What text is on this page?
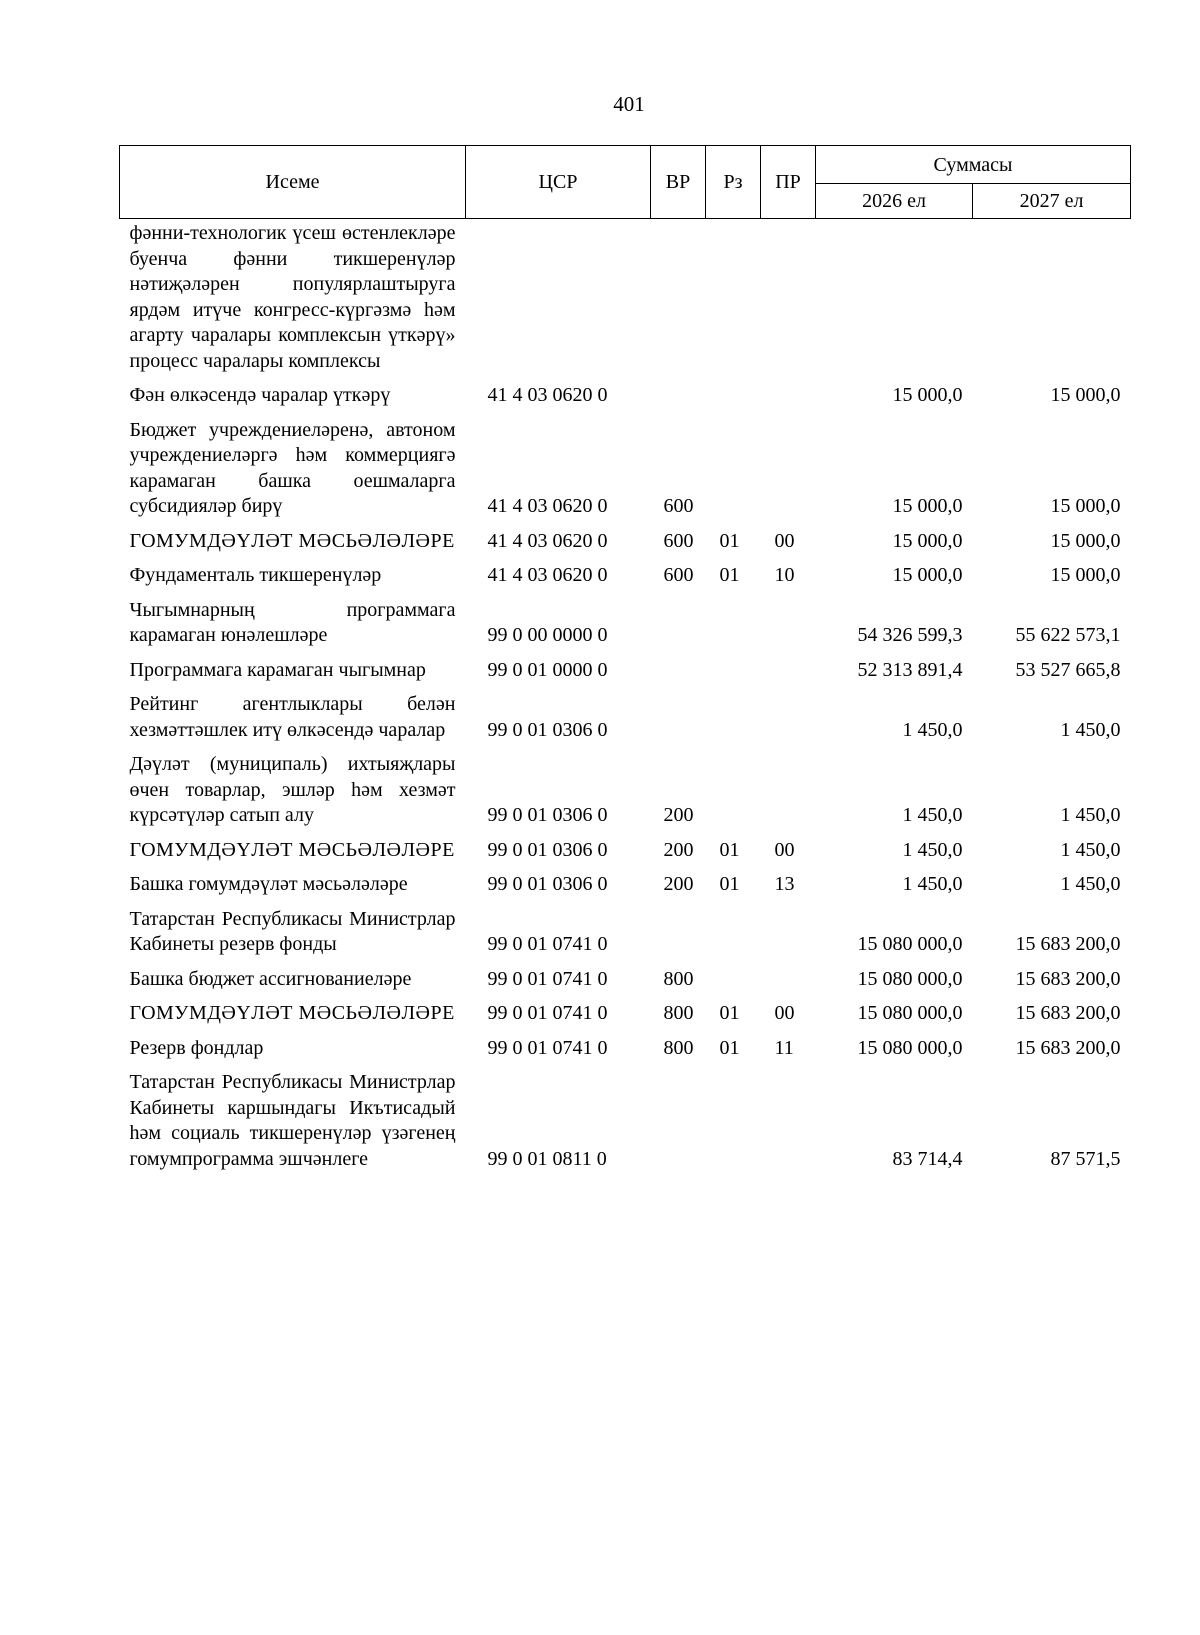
401
Исеме	ЦСР	ВР	Рз	ПР	Суммасы	
					2026 ел	2027 ел
фәнни-технологик үсеш өстенлекләре буенча фәнни тикшеренүләр нәтиҗәләрен популярлаштыруга ярдәм итүче конгресс-күргәзмә һәм агарту чаралары комплексын үткәрү» процесс чаралары комплексы						
Фән өлкәсендә чаралар үткәрү	41 4 03 0620 0				15 000,0	15 000,0
Бюджет учреждениеләренә, автоном учреждениеләргә һәм коммерциягә карамаган башка оешмаларга субсидияләр бирү	41 4 03 0620 0	600			15 000,0	15 000,0
ГОМУМДӘҮЛӘТ МӘСЬӘЛӘЛӘРЕ	41 4 03 0620 0	600	01	00	15 000,0	15 000,0
Фундаменталь тикшеренүләр	41 4 03 0620 0	600	01	10	15 000,0	15 000,0
Чыгымнарның программага карамаган юнәлешләре	99 0 00 0000 0				54 326 599,3	55 622 573,1
Программага карамаган чыгымнар	99 0 01 0000 0				52 313 891,4	53 527 665,8
Рейтинг агентлыклары белән хезмәттәшлек итү өлкәсендә чаралар	99 0 01 0306 0				1 450,0	1 450,0
Дәүләт (муниципаль) ихтыяҗлары өчен товарлар, эшләр һәм хезмәт күрсәтүләр сатып алу	99 0 01 0306 0	200			1 450,0	1 450,0
ГОМУМДӘҮЛӘТ МӘСЬӘЛӘЛӘРЕ	99 0 01 0306 0	200	01	00	1 450,0	1 450,0
Башка гомумдәүләт мәсьәләләре	99 0 01 0306 0	200	01	13	1 450,0	1 450,0
Татарстан Республикасы Министрлар Кабинеты резерв фонды	99 0 01 0741 0				15 080 000,0	15 683 200,0
Башка бюджет ассигнованиеләре	99 0 01 0741 0	800			15 080 000,0	15 683 200,0
ГОМУМДӘҮЛӘТ МӘСЬӘЛӘЛӘРЕ	99 0 01 0741 0	800	01	00	15 080 000,0	15 683 200,0
Резерв фондлар	99 0 01 0741 0	800	01	11	15 080 000,0	15 683 200,0
Татарстан Республикасы Министрлар Кабинеты каршындагы Икътисадый һәм социаль тикшеренүләр үзәгенең гомумпрограмма эшчәнлеге	99 0 01 0811 0				83 714,4	87 571,5
